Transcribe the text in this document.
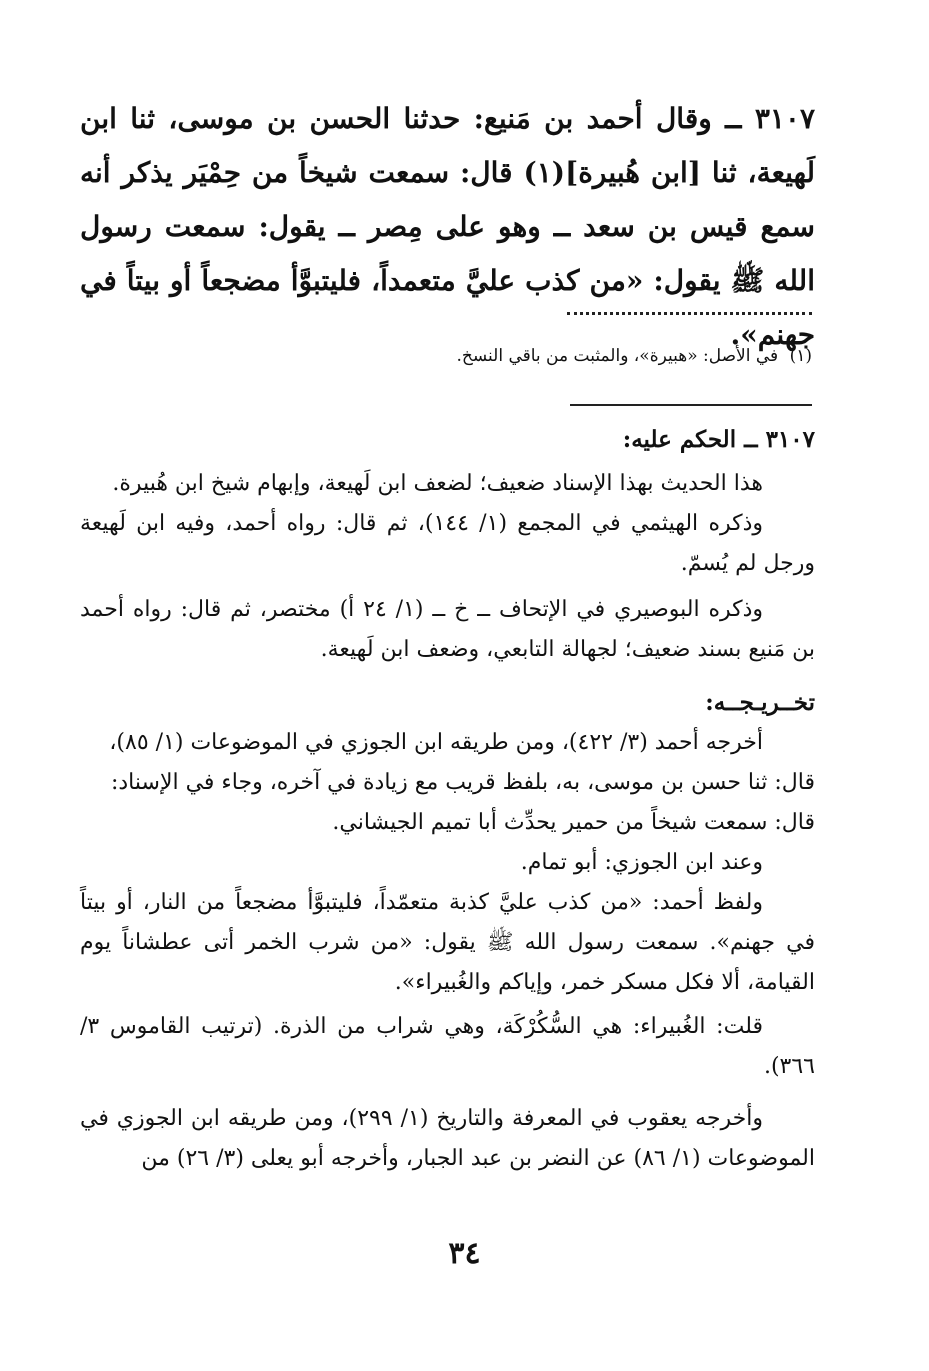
٣١٠٧ ــ وقال أحمد بن مَنيع: حدثنا الحسن بن موسى، ثنا ابن لَهيعة، ثنا [ابن هُبيرة](١) قال: سمعت شيخاً من حِمْيَر يذكر أنه سمع قيس بن سعد ــ وهو على مِصر ــ يقول: سمعت رسول الله ﷺ يقول: «من كذب عليَّ متعمداً، فليتبوَّأ مضجعاً أو بيتاً في جهنم».

(١) في الأصل: «هبيرة»، والمثبت من باقي النسخ.

٣١٠٧ ــ الحكم عليه:

هذا الحديث بهذا الإسناد ضعيف؛ لضعف ابن لَهيعة، وإبهام شيخ ابن هُبيرة.

وذكره الهيثمي في المجمع (١/ ١٤٤)، ثم قال: رواه أحمد، وفيه ابن لَهيعة ورجل لم يُسمّ.

وذكره البوصيري في الإتحاف ــ خ ــ (١/ ٢٤ أ) مختصر، ثم قال: رواه أحمد بن مَنيع بسند ضعيف؛ لجهالة التابعي، وضعف ابن لَهيعة.

تخــريـجــه:

أخرجه أحمد (٣/ ٤٢٢)، ومن طريقه ابن الجوزي في الموضوعات (١/ ٨٥)،

قال: ثنا حسن بن موسى، به، بلفظ قريب مع زيادة في آخره، وجاء في الإسناد:

قال: سمعت شيخاً من حمير يحدِّث أبا تميم الجيشاني.

وعند ابن الجوزي: أبو تمام.

ولفظ أحمد: «من كذب عليَّ كذبة متعمّداً، فليتبوَّأ مضجعاً من النار، أو بيتاً في جهنم». سمعت رسول الله ﷺ يقول: «من شرب الخمر أتى عطشاناً يوم القيامة، ألا فكل مسكر خمر، وإياكم والغُبيراء».

قلت: الغُبيراء: هي السُّكُرْكَة، وهي شراب من الذرة. (ترتيب القاموس ٣/ ٣٦٦).

وأخرجه يعقوب في المعرفة والتاريخ (١/ ٢٩٩)، ومن طريقه ابن الجوزي في الموضوعات (١/ ٨٦) عن النضر بن عبد الجبار، وأخرجه أبو يعلى (٣/ ٢٦) من

٣٤
